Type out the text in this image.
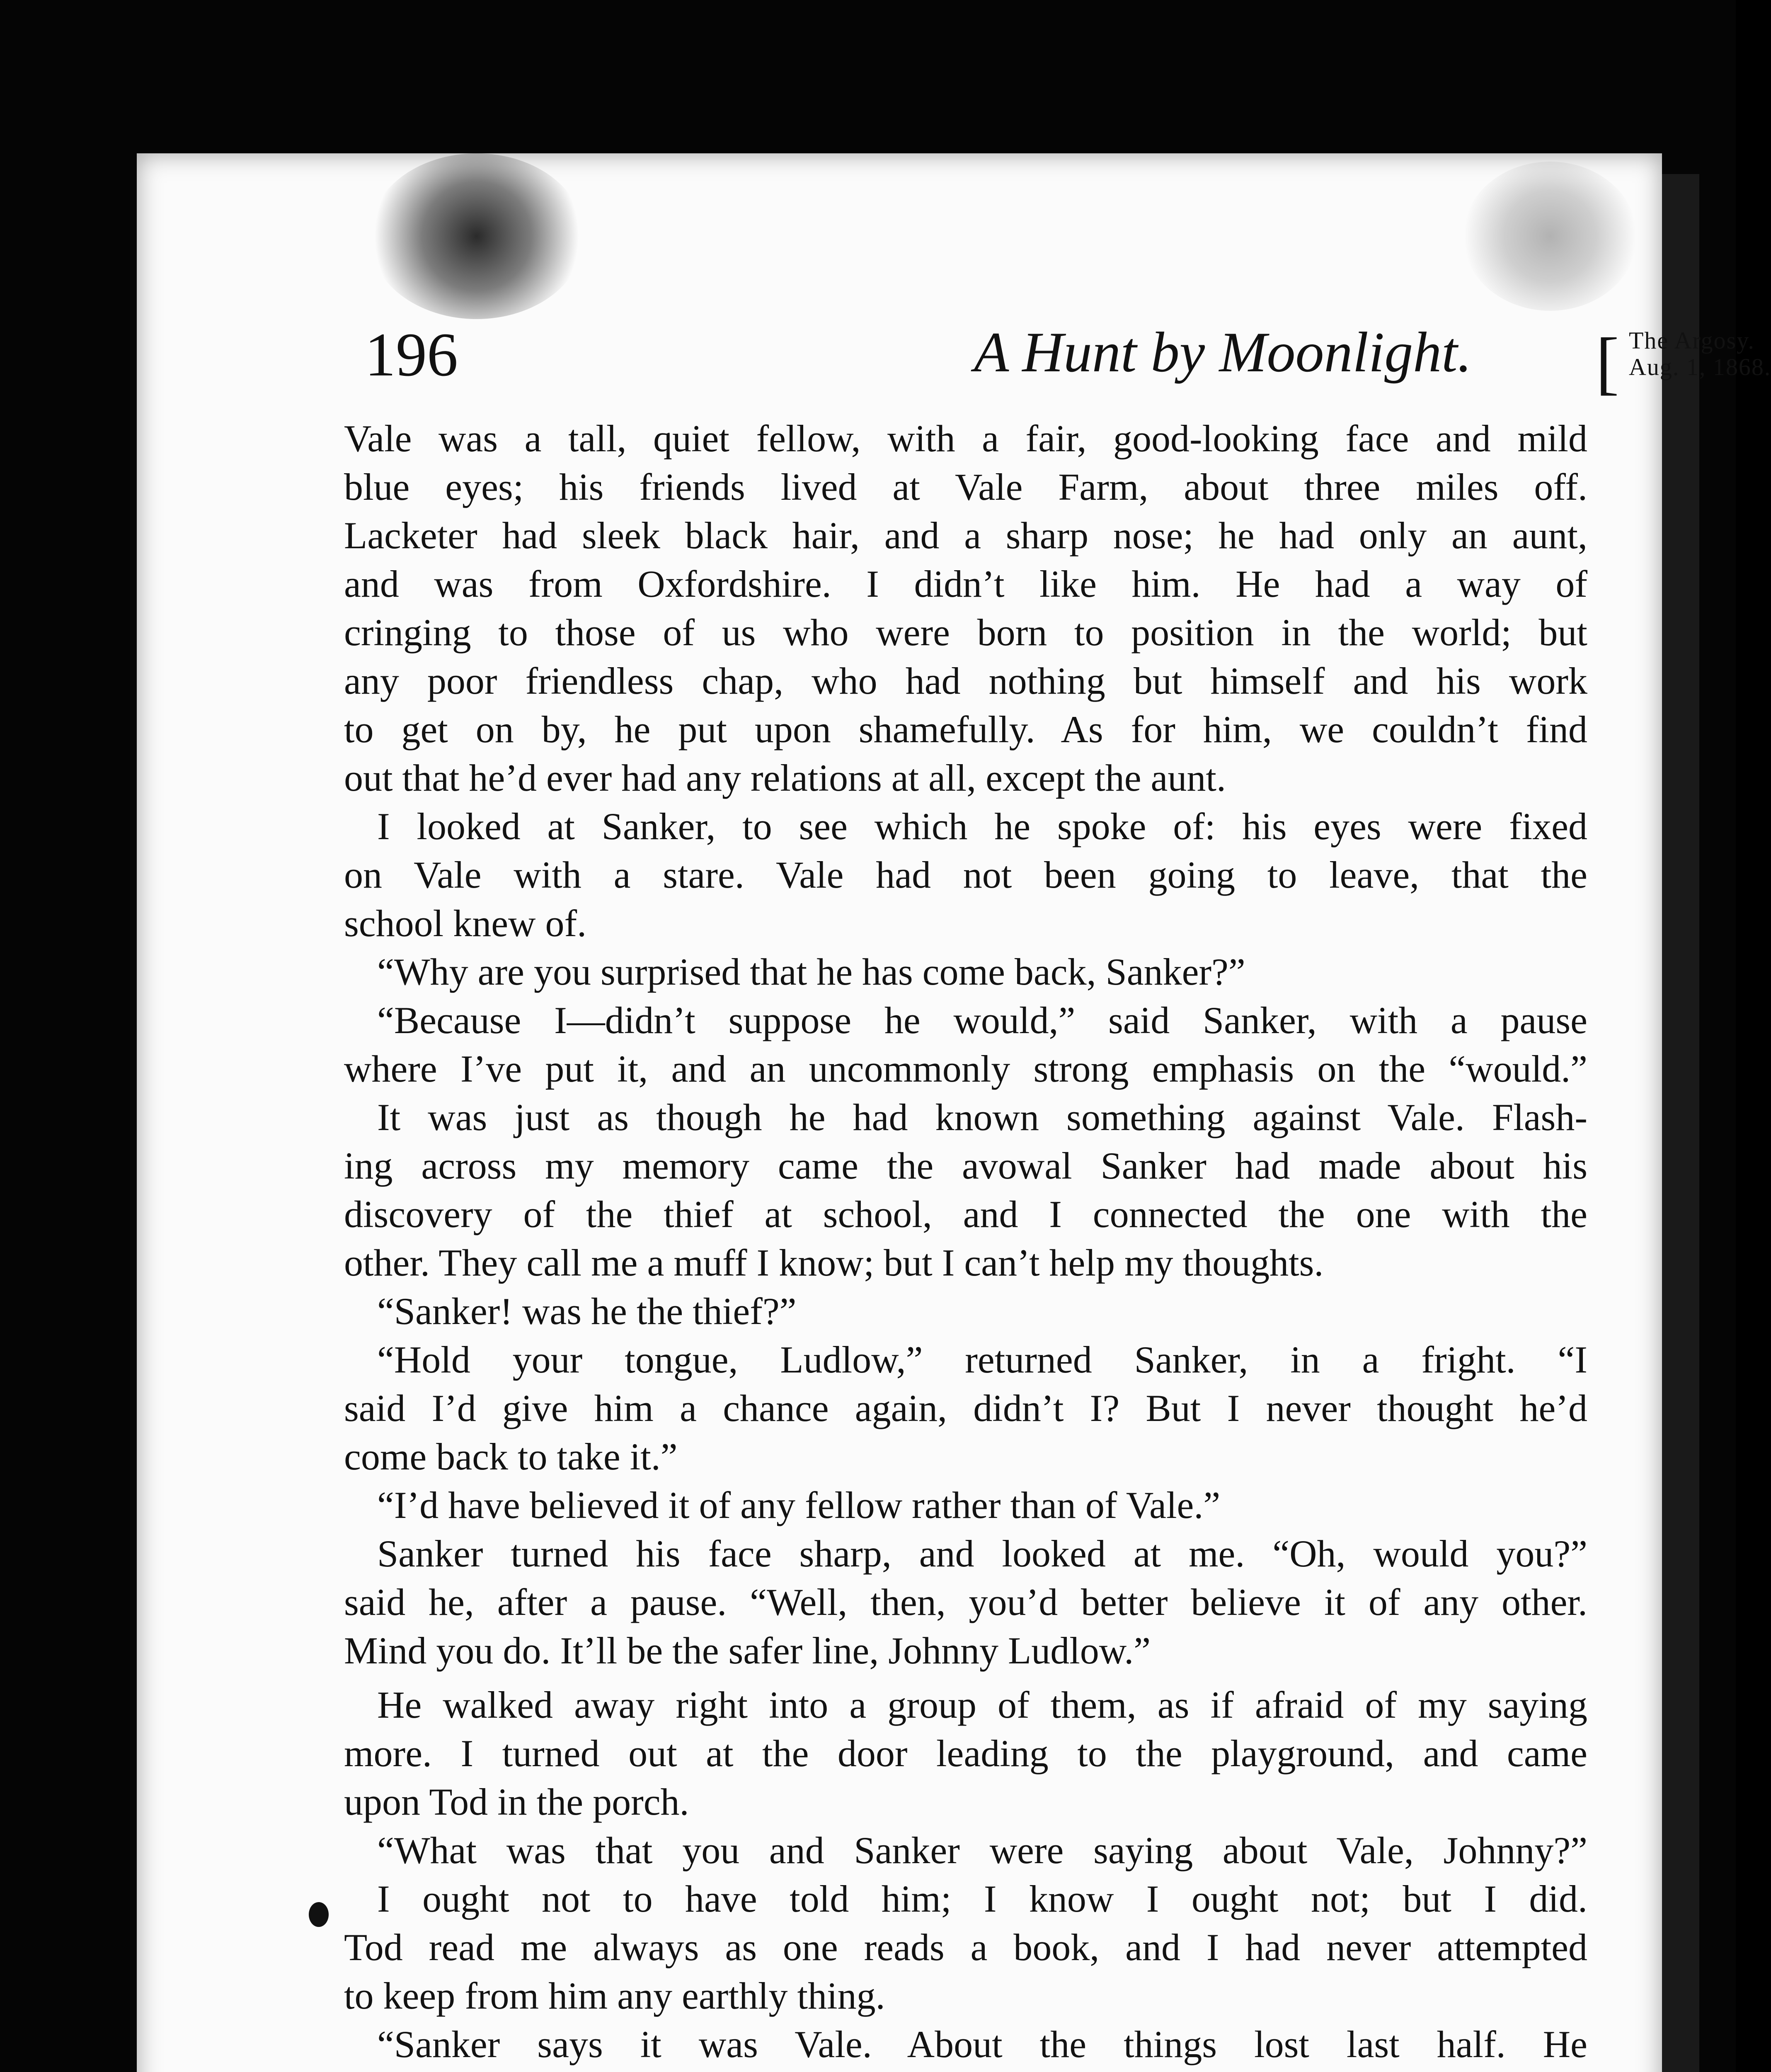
196	A Hunt by Moonlight. [ The Argosy.
Aug. 1, 1868.
Vale was a tall, quiet fellow, with a fair, good-looking face and mild
blue eyes; his friends lived at Vale Farm, about three miles off.
Lacketer had sleek black hair, and a sharp nose; he had only an aunt,
and was from Oxfordshire. I didn’t like him. He had a way of
cringing to those of us who were born to position in the world; but
any poor friendless chap, who had nothing but himself and his work
to get on by, he put upon shamefully. As for him, we couldn’t find
out that he’d ever had any relations at all, except the aunt.
I looked at Sanker, to see which he spoke of: his eyes were fixed
on Vale with a stare. Vale had not been going to leave, that the
school knew of.
“Why are you surprised that he has come back, Sanker?”
“Because I—didn’t suppose he would,” said Sanker, with a pause
where I’ve put it, and an uncommonly strong emphasis on the “would.”
It was just as though he had known something against Vale. Flash-
ing across my memory came the avowal Sanker had made about his
discovery of the thief at school, and I connected the one with the
other. They call me a muff I know; but I can’t help my thoughts.
“Sanker! was he the thief?”
“Hold your tongue, Ludlow,” returned Sanker, in a fright. “I
said I’d give him a chance again, didn’t I? But I never thought he’d
come back to take it.”
“I’d have believed it of any fellow rather than of Vale.”
Sanker turned his face sharp, and looked at me. “Oh, would you?”
said he, after a pause. “Well, then, you’d better believe it of any other.
Mind you do. It’ll be the safer line, Johnny Ludlow.”
He walked away right into a group of them, as if afraid of my saying
more. I turned out at the door leading to the playground, and came
upon Tod in the porch.
“What was that you and Sanker were saying about Vale, Johnny?”
I ought not to have told him; I know I ought not; but I did.
Tod read me always as one reads a book, and I had never attempted
to keep from him any earthly thing.
“Sanker says it was Vale. About the things lost last half. He
